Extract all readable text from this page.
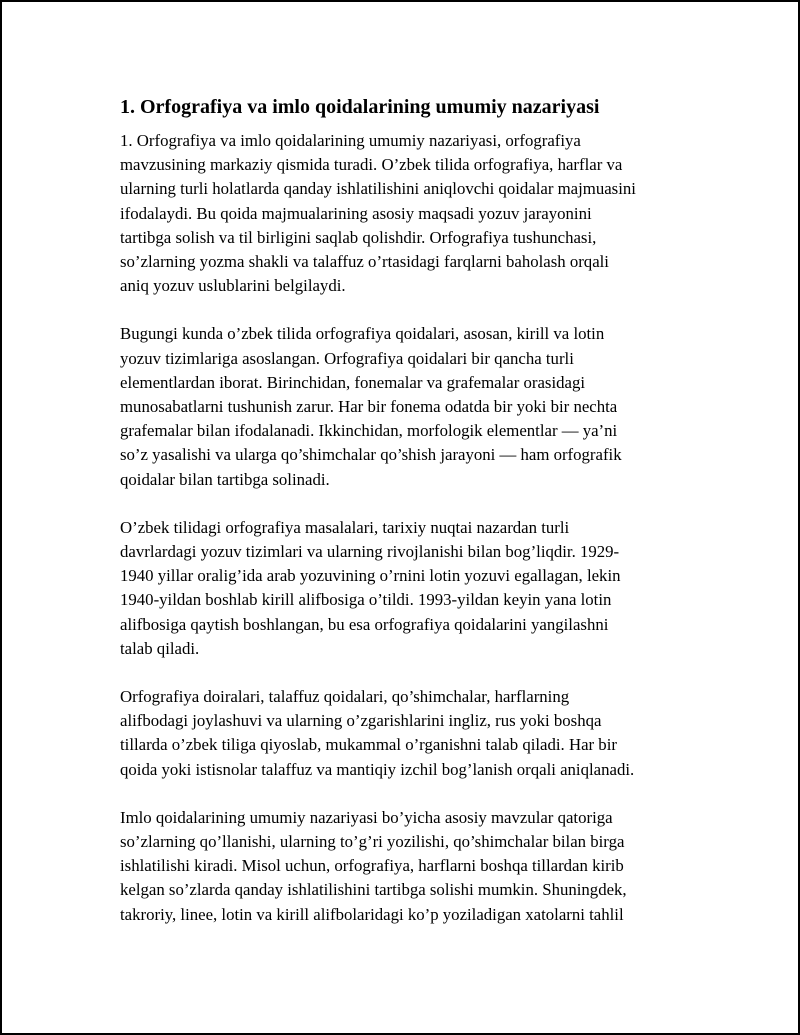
1. Orfografiya va imlo qoidalarining umumiy nazariyasi

1. Orfografiya va imlo qoidalarining umumiy nazariyasi, orfografiya
mavzusining markaziy qismida turadi. O’zbek tilida orfografiya, harflar va
ularning turli holatlarda qanday ishlatilishini aniqlovchi qoidalar majmuasini
ifodalaydi. Bu qoida majmualarining asosiy maqsadi yozuv jarayonini
tartibga solish va til birligini saqlab qolishdir. Orfografiya tushunchasi,
so’zlarning yozma shakli va talaffuz o’rtasidagi farqlarni baholash orqali
aniq yozuv uslublarini belgilaydi.

Bugungi kunda o’zbek tilida orfografiya qoidalari, asosan, kirill va lotin
yozuv tizimlariga asoslangan. Orfografiya qoidalari bir qancha turli
elementlardan iborat. Birinchidan, fonemalar va grafemalar orasidagi
munosabatlarni tushunish zarur. Har bir fonema odatda bir yoki bir nechta
grafemalar bilan ifodalanadi. Ikkinchidan, morfologik elementlar — ya’ni
so’z yasalishi va ularga qo’shimchalar qo’shish jarayoni — ham orfografik
qoidalar bilan tartibga solinadi.

O’zbek tilidagi orfografiya masalalari, tarixiy nuqtai nazardan turli
davrlardagi yozuv tizimlari va ularning rivojlanishi bilan bog’liqdir. 1929-
1940 yillar oralig’ida arab yozuvining o’rnini lotin yozuvi egallagan, lekin
1940-yildan boshlab kirill alifbosiga o’tildi. 1993-yildan keyin yana lotin
alifbosiga qaytish boshlangan, bu esa orfografiya qoidalarini yangilashni
talab qiladi.

Orfografiya doiralari, talaffuz qoidalari, qo’shimchalar, harflarning
alifbodagi joylashuvi va ularning o’zgarishlarini ingliz, rus yoki boshqa
tillarda o’zbek tiliga qiyoslab, mukammal o’rganishni talab qiladi. Har bir
qoida yoki istisnolar talaffuz va mantiqiy izchil bog’lanish orqali aniqlanadi.

Imlo qoidalarining umumiy nazariyasi bo’yicha asosiy mavzular qatoriga
so’zlarning qo’llanishi, ularning to’g’ri yozilishi, qo’shimchalar bilan birga
ishlatilishi kiradi. Misol uchun, orfografiya, harflarni boshqa tillardan kirib
kelgan so’zlarda qanday ishlatilishini tartibga solishi mumkin. Shuningdek,
takroriy, linee, lotin va kirill alifbolaridagi ko’p yoziladigan xatolarni tahlil
